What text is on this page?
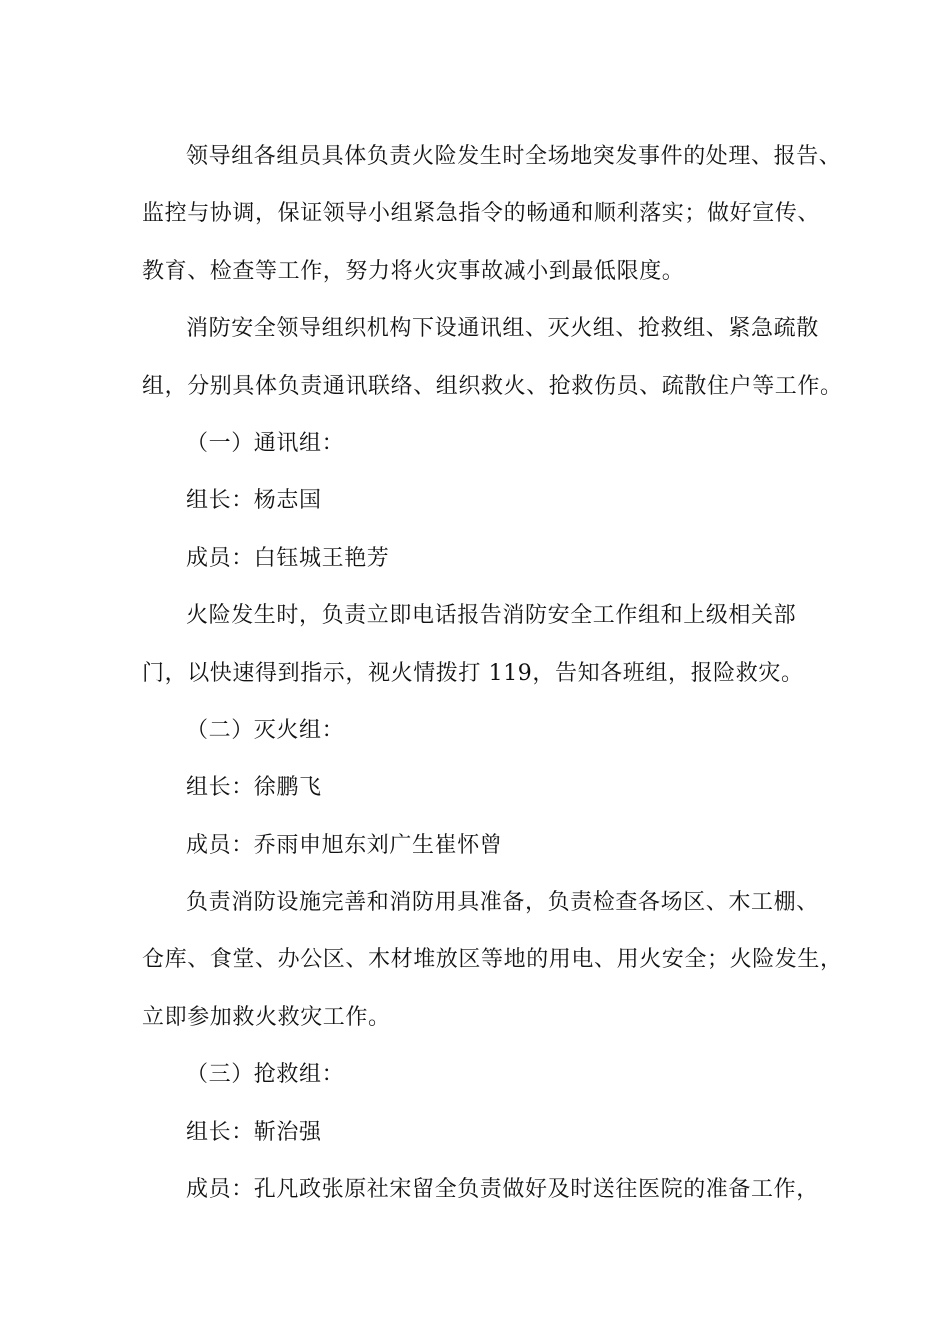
领导组各组员具体负责火险发生时全场地突发事件的处理、报告、
监控与协调，保证领导小组紧急指令的畅通和顺利落实；做好宣传、
教育、检查等工作，努力将火灾事故减小到最低限度。
消防安全领导组织机构下设通讯组、灭火组、抢救组、紧急疏散
组，分别具体负责通讯联络、组织救火、抢救伤员、疏散住户等工作。
（一）通讯组：
组长：杨志国
成员：白钰城王艳芳
火险发生时，负责立即电话报告消防安全工作组和上级相关部
门，以快速得到指示，视火情拨打 119，告知各班组，报险救灾。
（二）灭火组：
组长：徐鹏飞
成员：乔雨申旭东刘广生崔怀曾
负责消防设施完善和消防用具准备，负责检查各场区、木工棚、
仓库、食堂、办公区、木材堆放区等地的用电、用火安全；火险发生，
立即参加救火救灾工作。
（三）抢救组：
组长：靳治强
成员：孔凡政张原社宋留全负责做好及时送往医院的准备工作，
